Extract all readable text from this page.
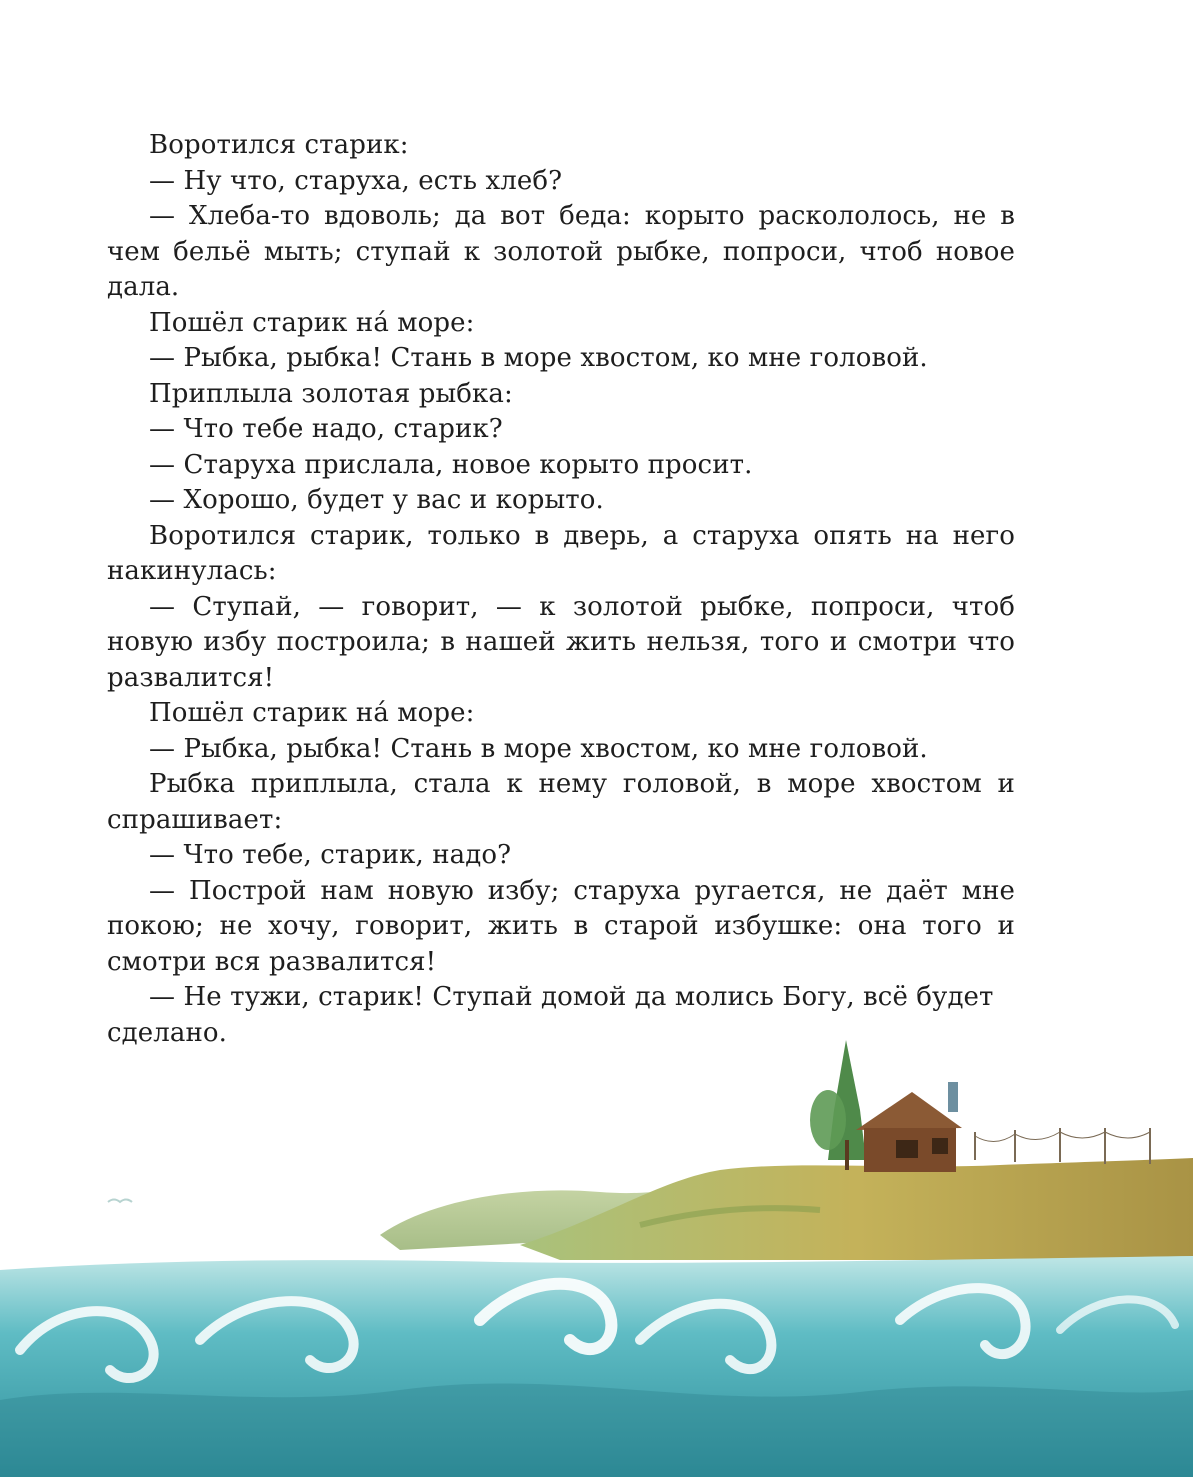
Воротился старик:

— Ну что, старуха, есть хлеб?

— Хлеба-то вдоволь; да вот беда: корыто раскололось, не в чем бельё мыть; ступай к золотой рыбке, попроси, чтоб новое дала.

Пошёл старик на́ море:

— Рыбка, рыбка! Стань в море хвостом, ко мне головой.

Приплыла золотая рыбка:

— Что тебе надо, старик?

— Старуха прислала, новое корыто просит.

— Хорошо, будет у вас и корыто.

Воротился старик, только в дверь, а старуха опять на него накинулась:

— Ступай, — говорит, — к золотой рыбке, попроси, чтоб новую избу построила; в нашей жить нельзя, того и смотри что развалится!

Пошёл старик на́ море:

— Рыбка, рыбка! Стань в море хвостом, ко мне головой.

Рыбка приплыла, стала к нему головой, в море хвостом и спрашивает:

— Что тебе, старик, надо?

— Построй нам новую избу; старуха ругается, не даёт мне покою; не хочу, говорит, жить в старой избушке: она того и смотри вся развалится!

— Не тужи, старик! Ступай домой да молись Богу, всё будет сделано.
